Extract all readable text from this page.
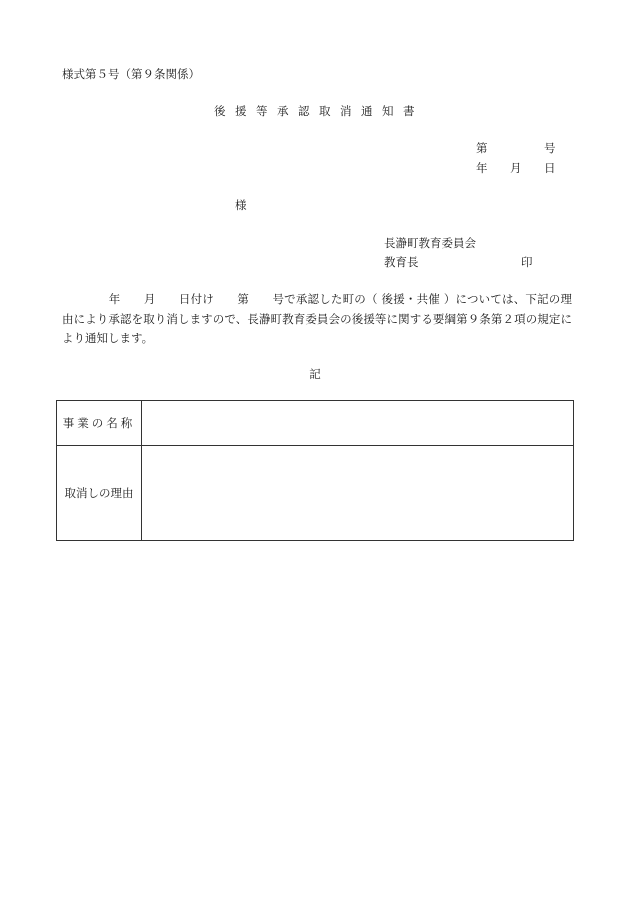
様式第５号（第９条関係）
後援等承認取消通知書
第	号
年 月 日
様
長瀞町教育委員会
教育長	印
　　　　年　　月　　日付け　　第　　号で承認した町の（ 後援・共催 ）については、下記の理由により承認を取り消しますので、長瀞町教育委員会の後援等に関する要綱第９条第２項の規定により通知します。
記
事業の名称	
取消しの理由	
